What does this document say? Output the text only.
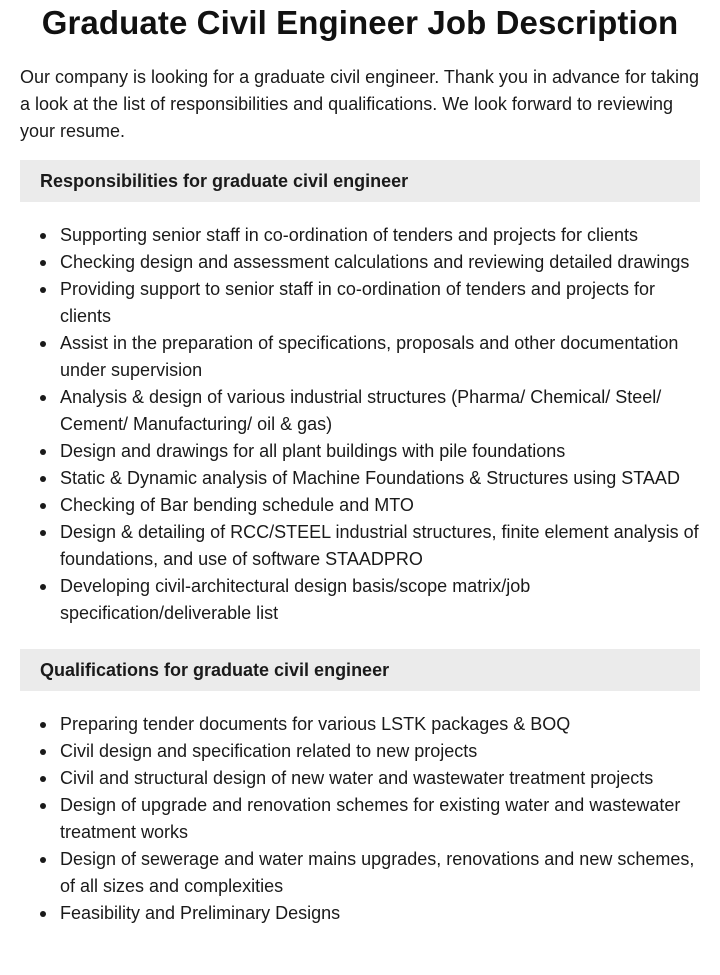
Graduate Civil Engineer Job Description

Our company is looking for a graduate civil engineer. Thank you in advance for taking a look at the list of responsibilities and qualifications. We look forward to reviewing your resume.

Responsibilities for graduate civil engineer
Supporting senior staff in co-ordination of tenders and projects for clients
Checking design and assessment calculations and reviewing detailed drawings
Providing support to senior staff in co-ordination of tenders and projects for clients
Assist in the preparation of specifications, proposals and other documentation under supervision
Analysis & design of various industrial structures (Pharma/ Chemical/ Steel/ Cement/ Manufacturing/ oil & gas)
Design and drawings for all plant buildings with pile foundations
Static & Dynamic analysis of Machine Foundations & Structures using STAAD
Checking of Bar bending schedule and MTO
Design & detailing of RCC/STEEL industrial structures, finite element analysis of foundations, and use of software STAADPRO
Developing civil-architectural design basis/scope matrix/job specification/deliverable list
Qualifications for graduate civil engineer
Preparing tender documents for various LSTK packages & BOQ
Civil design and specification related to new projects
Civil and structural design of new water and wastewater treatment projects
Design of upgrade and renovation schemes for existing water and wastewater treatment works
Design of sewerage and water mains upgrades, renovations and new schemes, of all sizes and complexities
Feasibility and Preliminary Designs
